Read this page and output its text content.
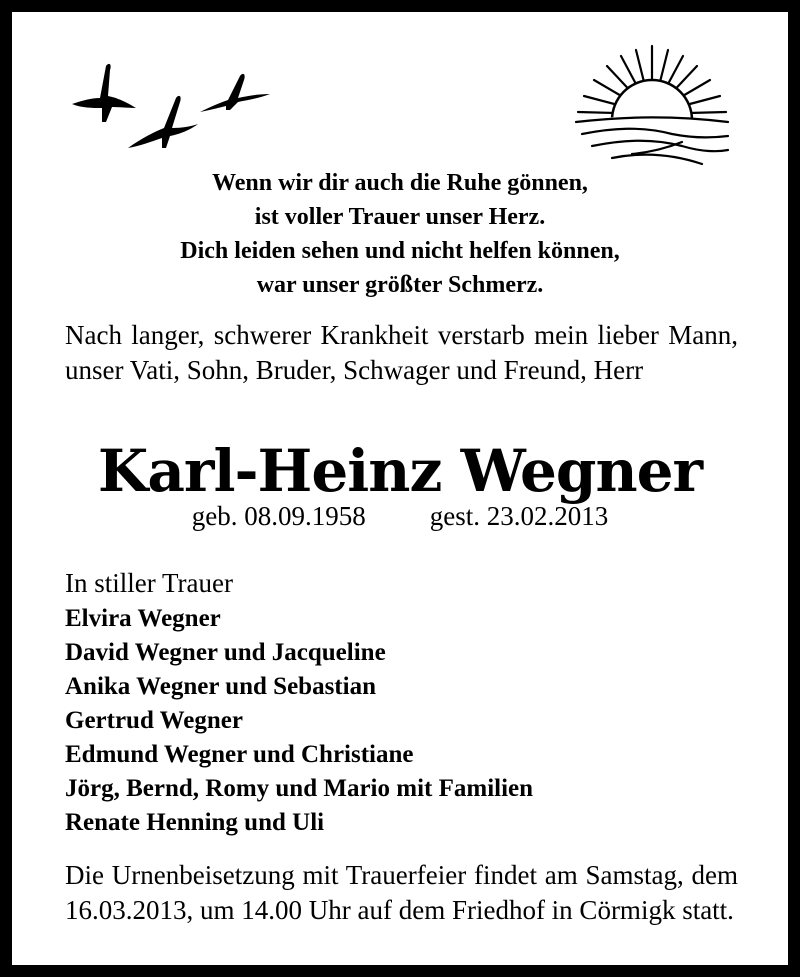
Wenn wir dir auch die Ruhe gönnen,
ist voller Trauer unser Herz.
Dich leiden sehen und nicht helfen können,
war unser größter Schmerz.
Nach langer, schwerer Krankheit verstarb mein lieber Mann, unser Vati, Sohn, Bruder, Schwager und Freund, Herr
Karl-Heinz Wegner
geb. 08.09.1958 gest. 23.02.2013
In stiller Trauer
Elvira Wegner
David Wegner und Jacqueline
Anika Wegner und Sebastian
Gertrud Wegner
Edmund Wegner und Christiane
Jörg, Bernd, Romy und Mario mit Familien
Renate Henning und Uli
Die Urnenbeisetzung mit Trauerfeier findet am Samstag, dem 16.03.2013, um 14.00 Uhr auf dem Friedhof in Cörmigk statt.
